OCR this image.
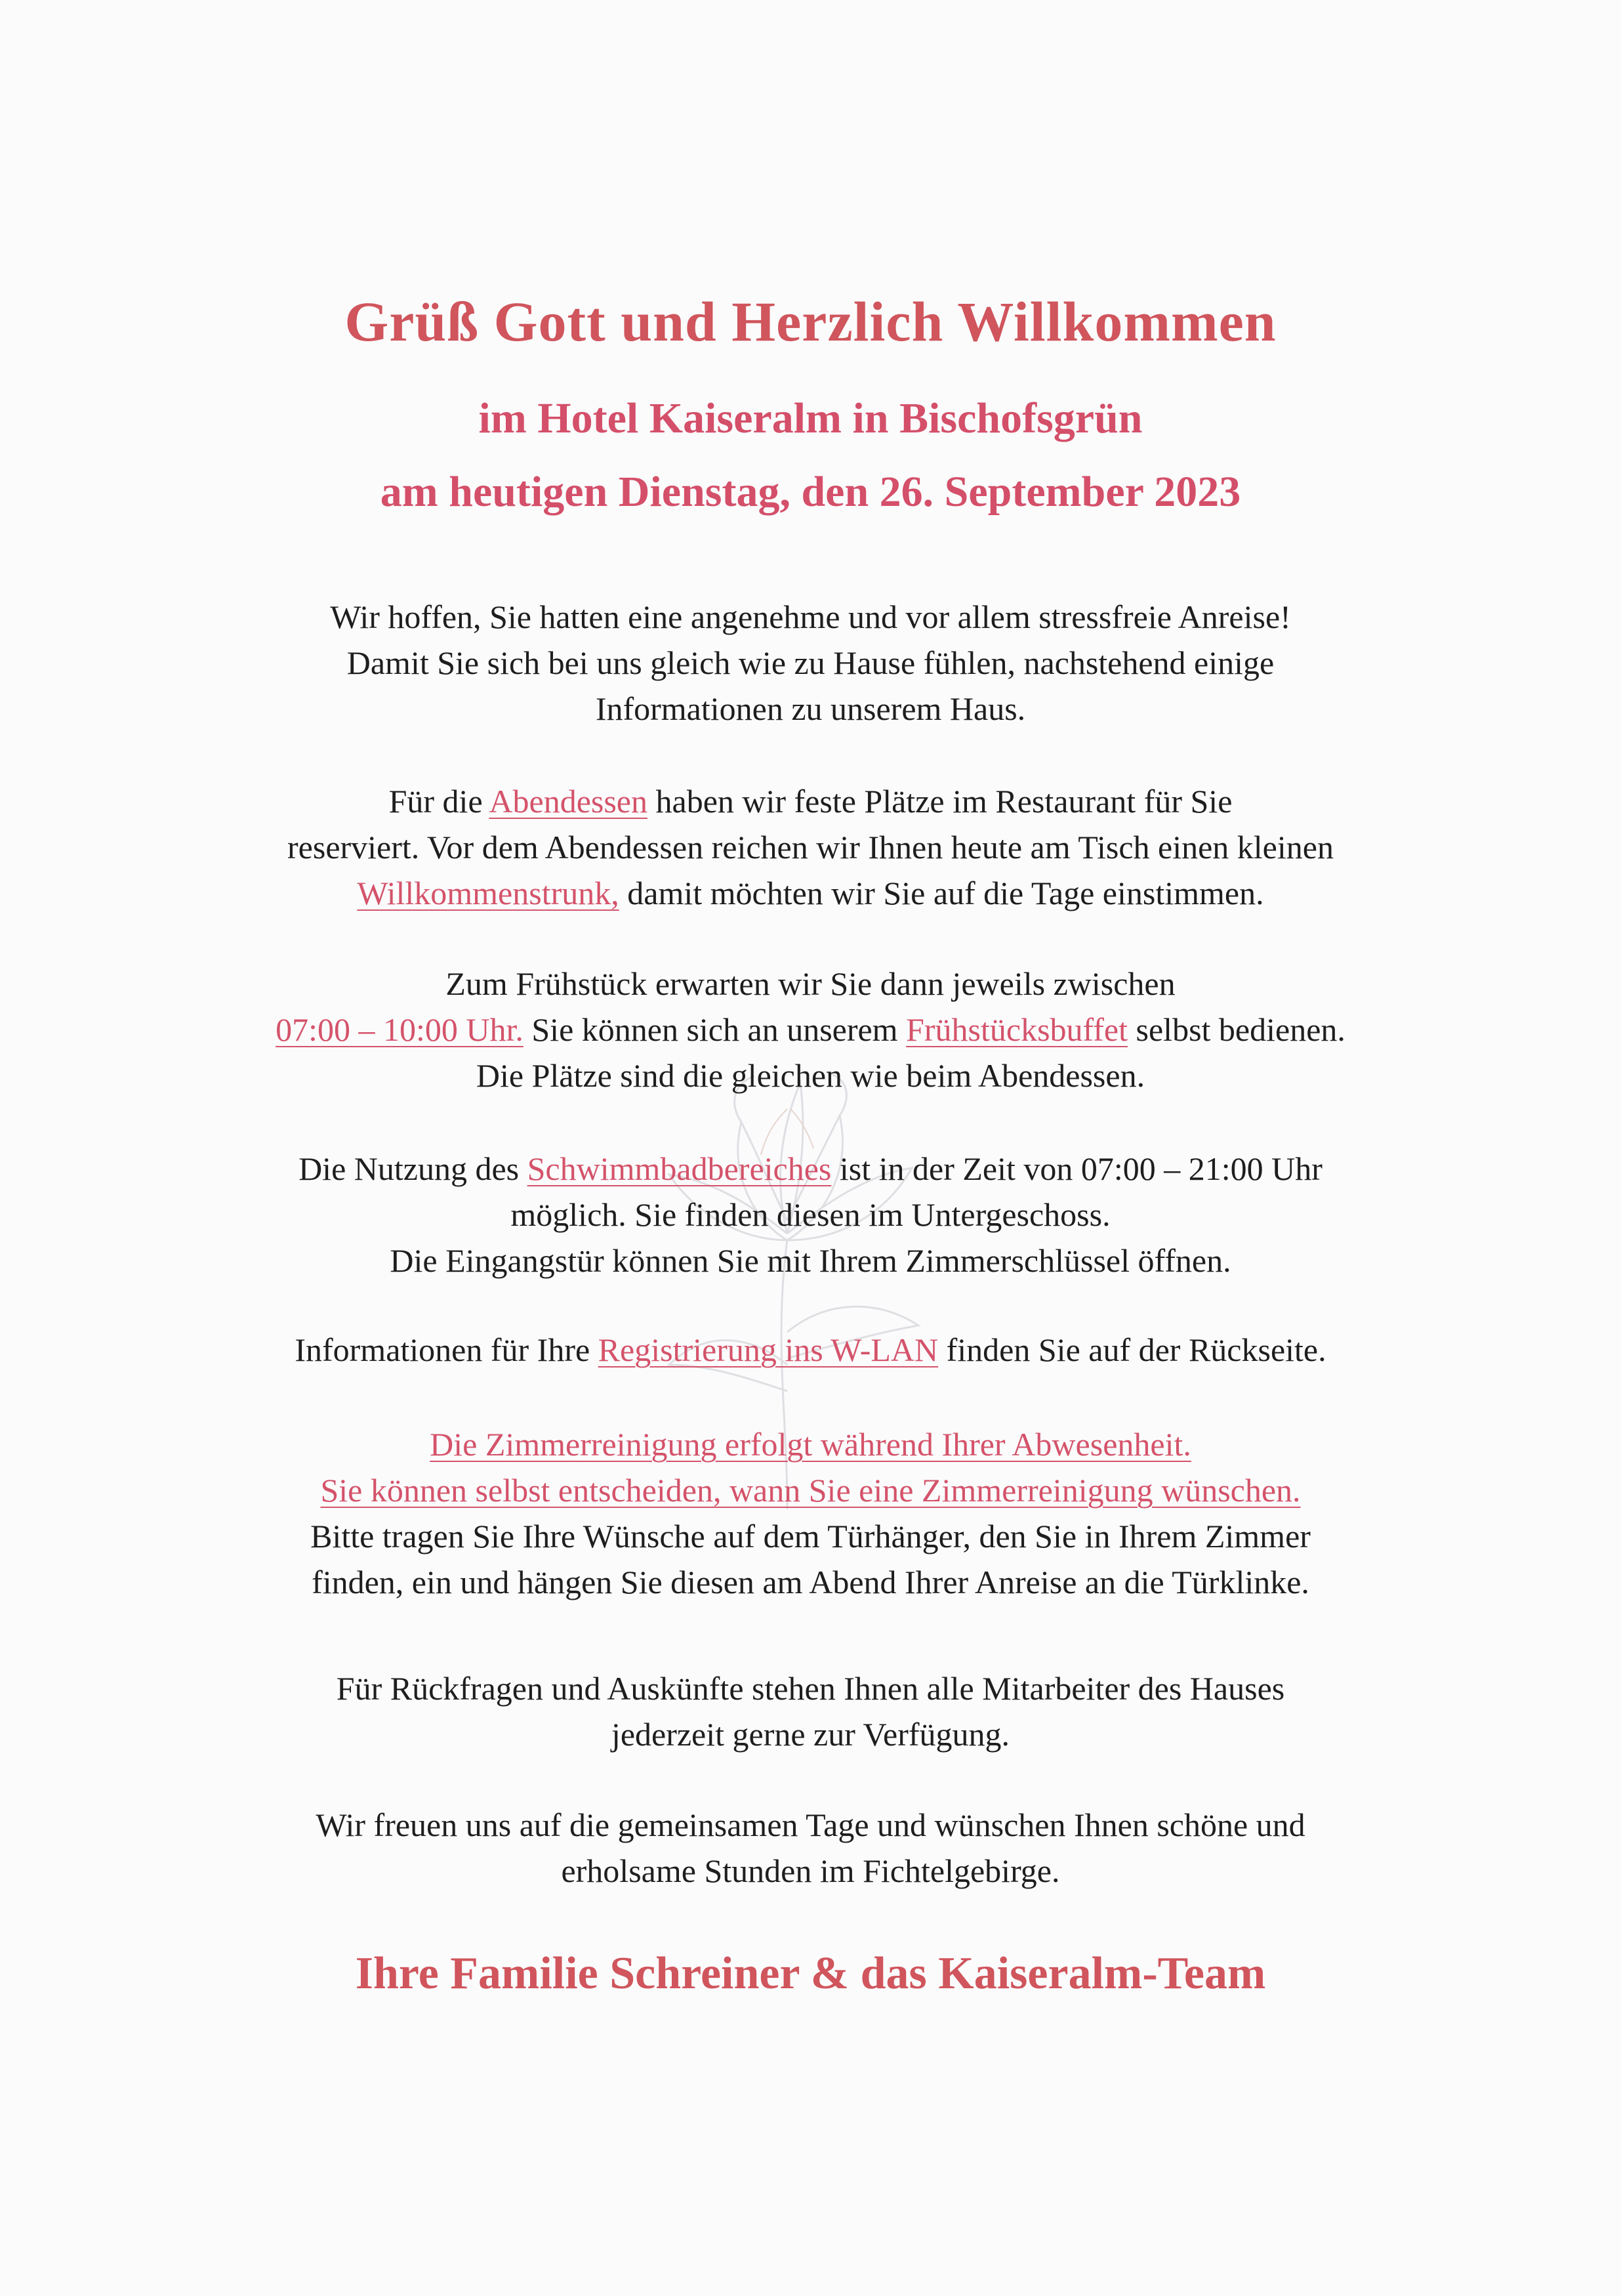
Grüß Gott und Herzlich Willkommen
im Hotel Kaiseralm in Bischofsgrün
am heutigen Dienstag, den 26. September 2023

Wir hoffen, Sie hatten eine angenehme und vor allem stressfreie Anreise!
Damit Sie sich bei uns gleich wie zu Hause fühlen, nachstehend einige
Informationen zu unserem Haus.

Für die Abendessen haben wir feste Plätze im Restaurant für Sie
reserviert. Vor dem Abendessen reichen wir Ihnen heute am Tisch einen kleinen
Willkommenstrunk, damit möchten wir Sie auf die Tage einstimmen.

Zum Frühstück erwarten wir Sie dann jeweils zwischen
07:00 – 10:00 Uhr. Sie können sich an unserem Frühstücksbuffet selbst bedienen.
Die Plätze sind die gleichen wie beim Abendessen.

Die Nutzung des Schwimmbadbereiches ist in der Zeit von 07:00 – 21:00 Uhr
möglich. Sie finden diesen im Untergeschoss.
Die Eingangstür können Sie mit Ihrem Zimmerschlüssel öffnen.

Informationen für Ihre Registrierung ins W-LAN finden Sie auf der Rückseite.

Die Zimmerreinigung erfolgt während Ihrer Abwesenheit.
Sie können selbst entscheiden, wann Sie eine Zimmerreinigung wünschen.
Bitte tragen Sie Ihre Wünsche auf dem Türhänger, den Sie in Ihrem Zimmer
finden, ein und hängen Sie diesen am Abend Ihrer Anreise an die Türklinke.

Für Rückfragen und Auskünfte stehen Ihnen alle Mitarbeiter des Hauses
jederzeit gerne zur Verfügung.

Wir freuen uns auf die gemeinsamen Tage und wünschen Ihnen schöne und
erholsame Stunden im Fichtelgebirge.

Ihre Familie Schreiner & das Kaiseralm-Team
